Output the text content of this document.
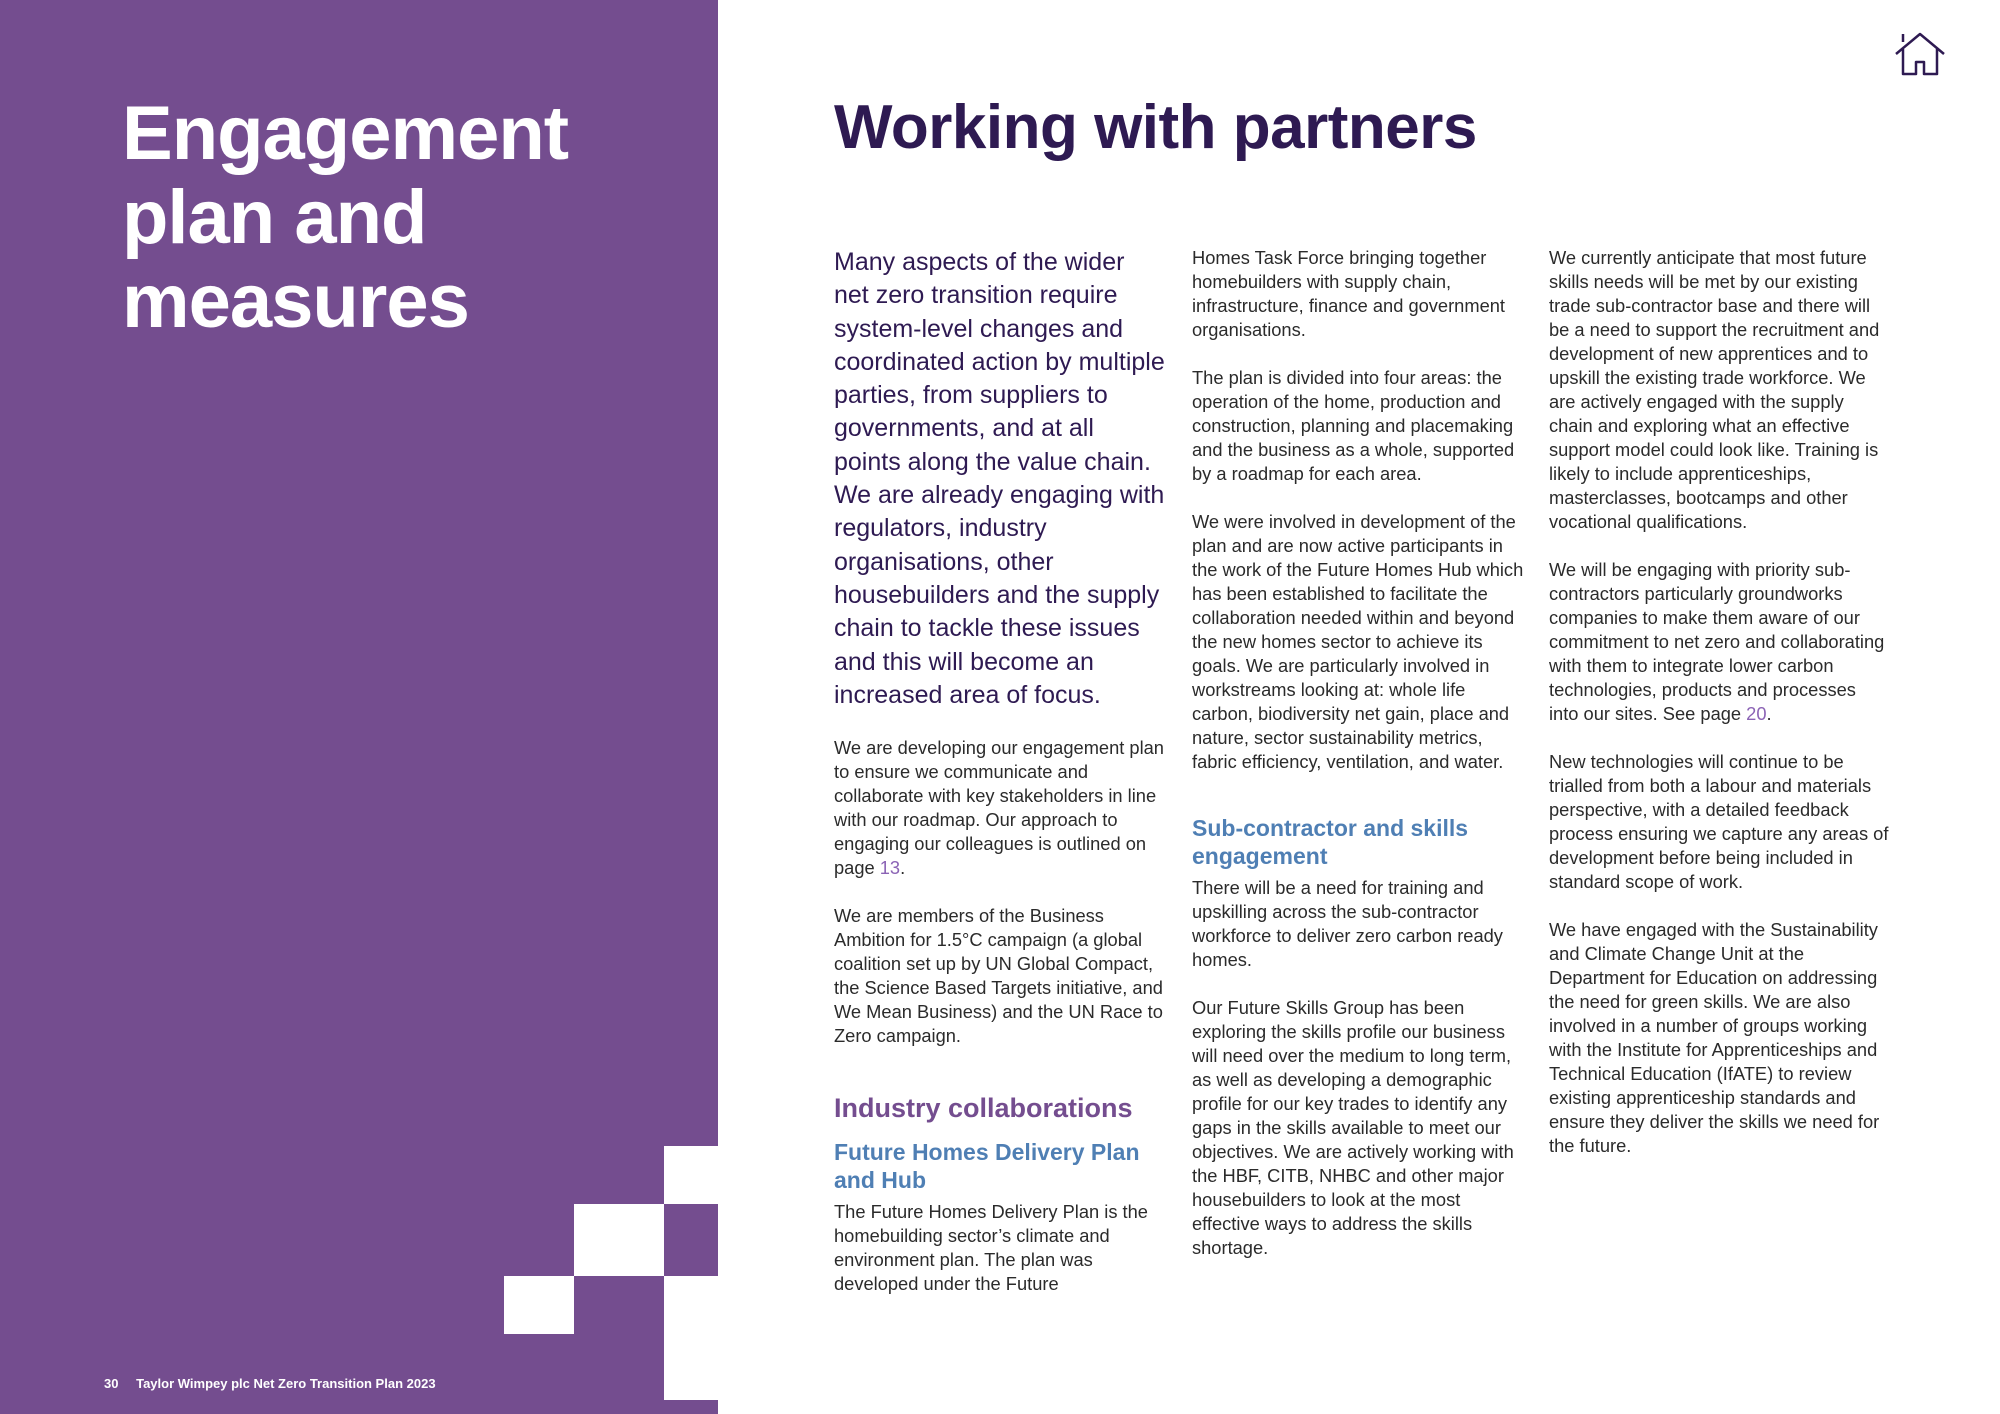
Engagement
plan and
measures
30 Taylor Wimpey plc Net Zero Transition Plan 2023
Working with partners

Many aspects of the wider net zero transition require system-level changes and coordinated action by multiple parties, from suppliers to governments, and at all points along the value chain. We are already engaging with regulators, industry organisations, other housebuilders and the supply chain to tackle these issues and this will become an increased area of focus.

We are developing our engagement plan to ensure we communicate and collaborate with key stakeholders in line with our roadmap. Our approach to engaging our colleagues is outlined on page 13.

We are members of the Business Ambition for 1.5°C campaign (a global coalition set up by UN Global Compact, the Science Based Targets initiative, and We Mean Business) and the UN Race to Zero campaign.

Industry collaborations
Future Homes Delivery Plan and Hub

The Future Homes Delivery Plan is the homebuilding sector’s climate and environment plan. The plan was developed under the Future

Homes Task Force bringing together homebuilders with supply chain, infrastructure, finance and government organisations.

The plan is divided into four areas: the operation of the home, production and construction, planning and placemaking and the business as a whole, supported by a roadmap for each area.

We were involved in development of the plan and are now active participants in the work of the Future Homes Hub which has been established to facilitate the collaboration needed within and beyond the new homes sector to achieve its goals. We are particularly involved in workstreams looking at: whole life carbon, biodiversity net gain, place and nature, sector sustainability metrics, fabric efficiency, ventilation, and water.

Sub-contractor and skills engagement

There will be a need for training and upskilling across the sub-contractor workforce to deliver zero carbon ready homes.

Our Future Skills Group has been exploring the skills profile our business will need over the medium to long term, as well as developing a demographic profile for our key trades to identify any gaps in the skills available to meet our objectives. We are actively working with the HBF, CITB, NHBC and other major housebuilders to look at the most effective ways to address the skills shortage.

We currently anticipate that most future skills needs will be met by our existing trade sub-contractor base and there will be a need to support the recruitment and development of new apprentices and to upskill the existing trade workforce. We are actively engaged with the supply chain and exploring what an effective support model could look like. Training is likely to include apprenticeships, masterclasses, bootcamps and other vocational qualifications.

We will be engaging with priority sub-contractors particularly groundworks companies to make them aware of our commitment to net zero and collaborating with them to integrate lower carbon technologies, products and processes into our sites. See page 20.

New technologies will continue to be trialled from both a labour and materials perspective, with a detailed feedback process ensuring we capture any areas of development before being included in standard scope of work.

We have engaged with the Sustainability and Climate Change Unit at the Department for Education on addressing the need for green skills. We are also involved in a number of groups working with the Institute for Apprenticeships and Technical Education (IfATE) to review existing apprenticeship standards and ensure they deliver the skills we need for the future.
